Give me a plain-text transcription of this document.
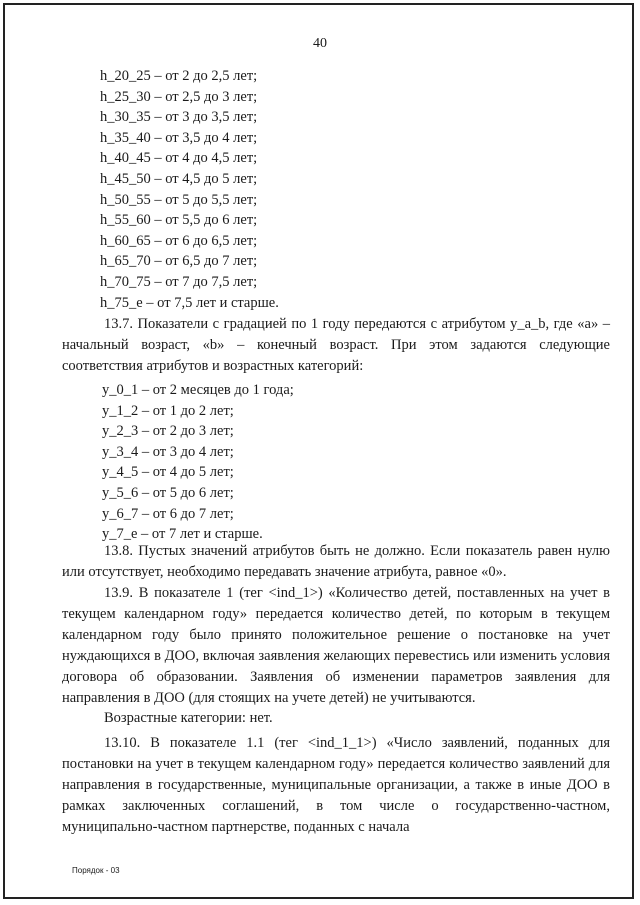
40
h_20_25 – от 2 до 2,5 лет;
h_25_30 – от 2,5 до 3 лет;
h_30_35 – от 3 до 3,5 лет;
h_35_40 – от 3,5 до 4 лет;
h_40_45 – от 4 до 4,5 лет;
h_45_50 – от 4,5 до 5 лет;
h_50_55 – от 5 до 5,5 лет;
h_55_60 – от 5,5 до 6 лет;
h_60_65 – от 6 до 6,5 лет;
h_65_70 – от 6,5 до 7 лет;
h_70_75 – от 7 до 7,5 лет;
h_75_e – от 7,5 лет и старше.
13.7. Показатели с градацией по 1 году передаются с атрибутом y_a_b, где «а» – начальный возраст, «b» – конечный возраст. При этом задаются следующие соответствия атрибутов и возрастных категорий:
y_0_1 – от 2 месяцев до 1 года;
y_1_2 – от 1 до 2 лет;
y_2_3 – от 2 до 3 лет;
y_3_4 – от 3 до 4 лет;
y_4_5 – от 4 до 5 лет;
y_5_6 – от 5 до 6 лет;
y_6_7 – от 6 до 7 лет;
y_7_e – от 7 лет и старше.
13.8. Пустых значений атрибутов быть не должно. Если показатель равен нулю или отсутствует, необходимо передавать значение атрибута, равное «0».
13.9. В показателе 1 (тег <ind_1>) «Количество детей, поставленных на учет в текущем календарном году» передается количество детей, по которым в текущем календарном году было принято положительное решение о постановке на учет нуждающихся в ДОО, включая заявления желающих перевестись или изменить условия договора об образовании. Заявления об изменении параметров заявления для направления в ДОО (для стоящих на учете детей) не учитываются.
Возрастные категории: нет.
13.10. В показателе 1.1 (тег <ind_1_1>) «Число заявлений, поданных для постановки на учет в текущем календарном году» передается количество заявлений для направления в государственные, муниципальные организации, а также в иные ДОО в рамках заключенных соглашений, в том числе о государственно-частном, муниципально-частном партнерстве, поданных с начала
Порядок - 03
